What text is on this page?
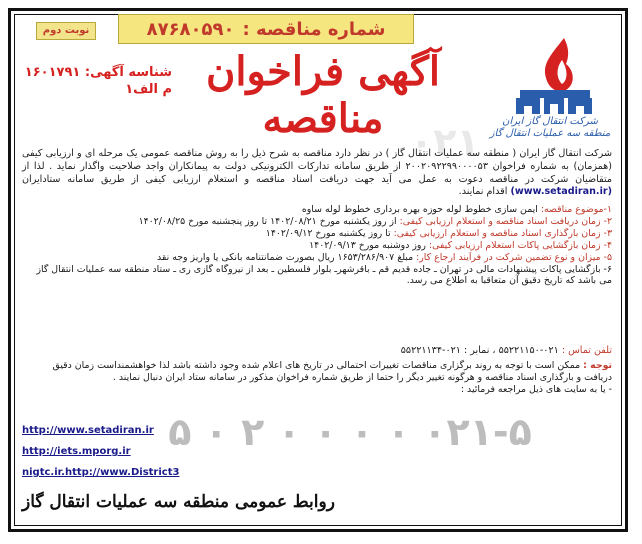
۰۲۱
شماره مناقصه :
۸۷۶۸۰۵۹۰
نوبت دوم
آگهی فراخوان مناقصه
شناسه آگهی: ۱۶۰۱۷۹۱
م الف۱
شرکت انتقال گاز ایران
منطقه سه عملیات انتقال گاز

شرکت انتقال گاز ایران ( منطقه سه عملیات انتقال گاز ) در نظر دارد مناقصه به شرح ذیل را به روش مناقصه عمومی یک مرحله ای و ارزیابی کیفی (همزمان) به شماره فراخوان ۲۰۰۲۰۹۲۲۹۹۰۰۰۰۵۳ از طریق سامانه تدارکات الکترونیکی دولت به پیمانکاران واجد صلاحیت واگذار نماید . لذا از متقاضیان شرکت در مناقصه دعوت به عمل می آید جهت دریافت اسناد مناقصه و استعلام ارزیابی کیفی از طریق سامانه ستادایران (www.setadiran.ir) اقدام نمایند.

۱-موضوع مناقصه: ایمن سازی خطوط لوله حوزه بهره برداری خطوط لوله ساوه
۲- زمان دریافت اسناد مناقصه و استعلام ارزیابی کیفی: از روز یکشنبه مورخ ۱۴۰۲/۰۸/۲۱ تا روز پنجشنبه مورخ ۱۴۰۲/۰۸/۲۵
۳- زمان بارگذاری اسناد مناقصه و استعلام ارزیابی کیفی: تا روز یکشنبه مورخ ۱۴۰۲/۰۹/۱۲
۴- زمان بازگشایی پاکات استعلام ارزیابی کیفی: روز دوشنبه مورخ ۱۴۰۲/۰۹/۱۳
۵- میزان و نوع تضمین شرکت در فرآیند ارجاع کار: مبلغ ۱۶۵۳/۲۸۶/۹۰۷ ریال بصورت ضمانتنامه بانکی یا واریز وجه نقد
۶- بازگشایی پاکات پیشنهادات مالی در تهران ـ جاده قدیم قم ـ باقرشهرـ بلوار فلسطین ـ بعد از نیروگاه گازی ری ـ ستاد منطقه سه عملیات انتقال گاز می باشد که تاریخ دقیق آن متعاقبا به اطلاع می رسد.
تلفن تماس : ۰۲۱-۵۵۲۲۱۱۵۰ ، نمابر : ۰۲۱-۵۵۲۲۱۱۳۴
توجه : ممکن است با توجه به روند برگزاری مناقصات تغییرات احتمالی در تاریخ های اعلام شده وجود داشته باشد لذا خواهشمنداست زمان دقیق دریافت و بارگذاری اسناد مناقصه و هرگونه تغییر دیگر را حتما از طریق شماره فراخوان مذکور در سامانه ستاد ایران دنبال نمایند .
- یا به سایت های ذیل مراجعه فرمائید :
۰۲۱-۵ ۰ ۰ ۰ ۰ ۲ ۰ ۵
http://www.setadiran.ir
http://iets.mporg.ir
nigtc.ir.http://www.District3
روابط عمومی منطقه سه عملیات انتقال گاز
